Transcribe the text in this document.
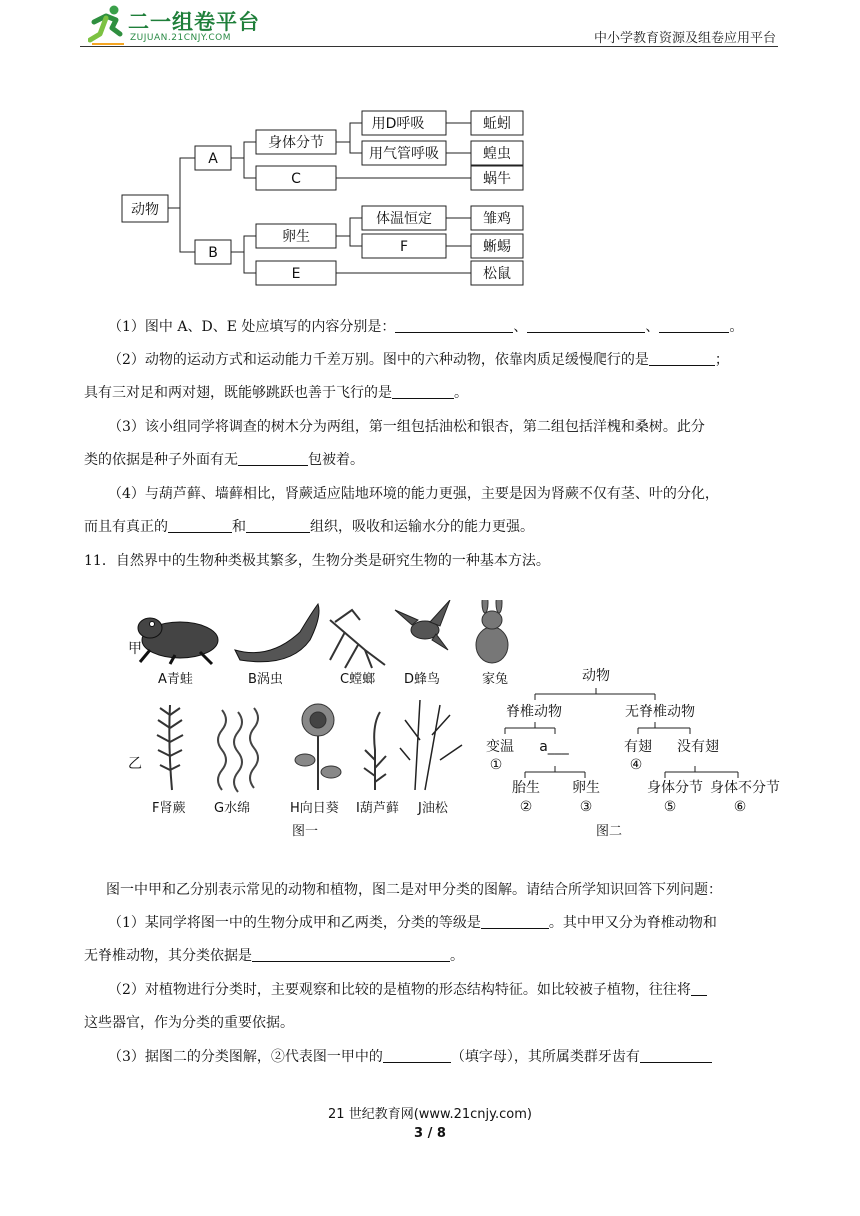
二一组卷平台
ZUJUAN.21CNJY.COM	中小学教育资源及组卷应用平台
动物
A
B
身体分节
用D呼吸
用气管呼吸
蚯蚓
蝗虫
C	蜗牛
卵生
体温恒定	雏鸡
F	蜥蜴
E	松鼠
（1）图中 A、D、E 处应填写的内容分别是：	、	、	。
（2）动物的运动方式和运动能力千差万别。图中的六种动物，依靠肉质足缓慢爬行的是	；
具有三对足和两对翅，既能够跳跃也善于飞行的是	。
（3）该小组同学将调查的树木分为两组，第一组包括油松和银杏，第二组包括洋槐和桑树。此分
类的依据是种子外面有无	包被着。
（4）与葫芦藓、墙藓相比，肾蕨适应陆地环境的能力更强，主要是因为肾蕨不仅有茎、叶的分化，
而且有真正的	和	组织，吸收和运输水分的能力更强。
11．自然界中的生物种类极其繁多，生物分类是研究生物的一种基本方法。
甲
乙
A青蛙	B涡虫	C螳螂 D蜂鸟	家兔
F肾蕨 G水绵	H向日葵 I葫芦藓 J油松
图一
动物
脊椎动物	无脊椎动物
变温 a___	有翅 没有翅
①	④
胎生 卵生	身体分节 身体不分节
②	③	⑤	⑥
图二
图一中甲和乙分别表示常见的动物和植物，图二是对甲分类的图解。请结合所学知识回答下列问题：
（1）某同学将图一中的生物分成甲和乙两类，分类的等级是	。其中甲又分为脊椎动物和
无脊椎动物，其分类依据是	。
（2）对植物进行分类时，主要观察和比较的是植物的形态结构特征。如比较被子植物，往往将
这些器官，作为分类的重要依据。
（3）据图二的分类图解，②代表图一甲中的	（填字母），其所属类群牙齿有
21 世纪教育网(www.21cnjy.com)
3 / 8
